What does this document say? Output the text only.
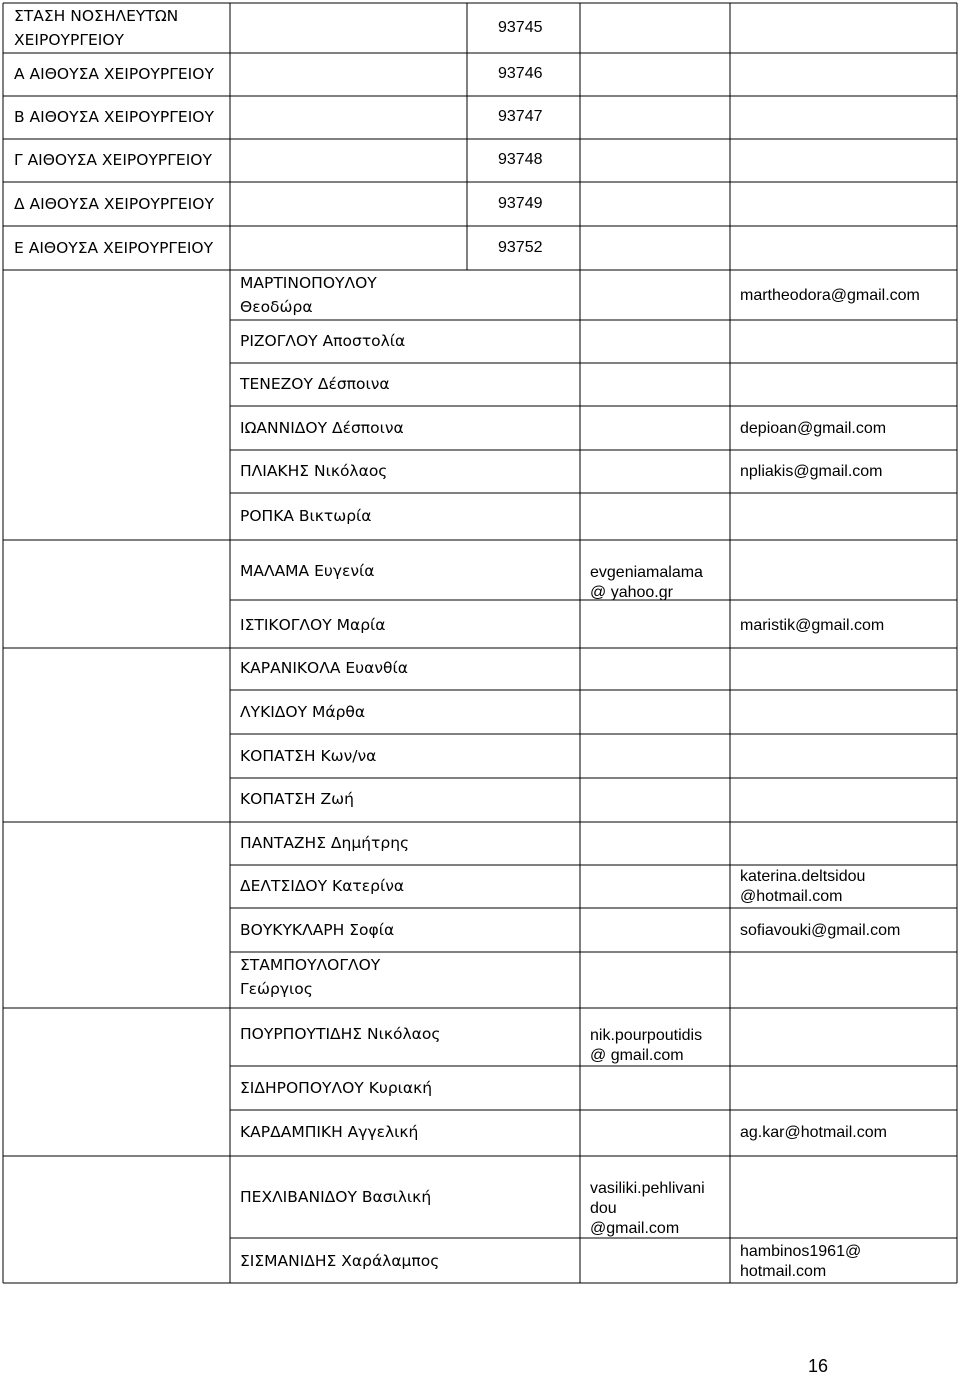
ΣΤΑΣΗ ΝΟΣΗΛΕΥΤΩΝ
ΧΕΙΡΟΥΡΓΕΙΟΥ
Α ΑΙΘΟΥΣΑ ΧΕΙΡΟΥΡΓΕΙΟΥ
Β ΑΙΘΟΥΣΑ ΧΕΙΡΟΥΡΓΕΙΟΥ
Γ ΑΙΘΟΥΣΑ ΧΕΙΡΟΥΡΓΕΙΟΥ
Δ ΑΙΘΟΥΣΑ ΧΕΙΡΟΥΡΓΕΙΟΥ
Ε ΑΙΘΟΥΣΑ ΧΕΙΡΟΥΡΓΕΙΟΥ
93745
93746
93747
93748
93749
93752
ΜΑΡΤΙΝΟΠΟΥΛΟΥ
Θεοδώρα
ΡΙΖΟΓΛΟΥ Αποστολία
ΤΕΝΕΖΟΥ Δέσποινα
ΙΩΑΝΝΙΔΟΥ Δέσποινα
ΠΛΙΑΚΗΣ Νικόλαος
ΡΟΠΚΑ Βικτωρία
ΜΑΛΑΜΑ Ευγενία
ΙΣΤΙΚΟΓΛΟΥ Μαρία
ΚΑΡΑΝΙΚΟΛΑ Ευανθία
ΛΥΚΙΔΟΥ Μάρθα
ΚΟΠΑΤΣΗ Κων/να
ΚΟΠΑΤΣΗ Ζωή
ΠΑΝΤΑΖΗΣ Δημήτρης
ΔΕΛΤΣΙΔΟΥ Κατερίνα
ΒΟΥΚΥΚΛΑΡΗ Σοφία
ΣΤΑΜΠΟΥΛΟΓΛΟΥ
Γεώργιος
ΠΟΥΡΠΟΥΤΙΔΗΣ Νικόλαος
ΣΙΔΗΡΟΠΟΥΛΟΥ Κυριακή
ΚΑΡΔΑΜΠΙΚΗ Αγγελική
ΠΕΧΛΙΒΑΝΙΔΟΥ Βασιλική
ΣΙΣΜΑΝΙΔΗΣ Χαράλαμπος
evgeniamalama
@ yahoo.gr
nik.pourpoutidis
@ gmail.com
vasiliki.pehlivani
dou
@gmail.com
martheodora@gmail.com
depioan@gmail.com
npliakis@gmail.com
maristik@gmail.com
katerina.deltsidou
@hotmail.com
sofiavouki@gmail.com
ag.kar@hotmail.com
hambinos1961@
hotmail.com
16
